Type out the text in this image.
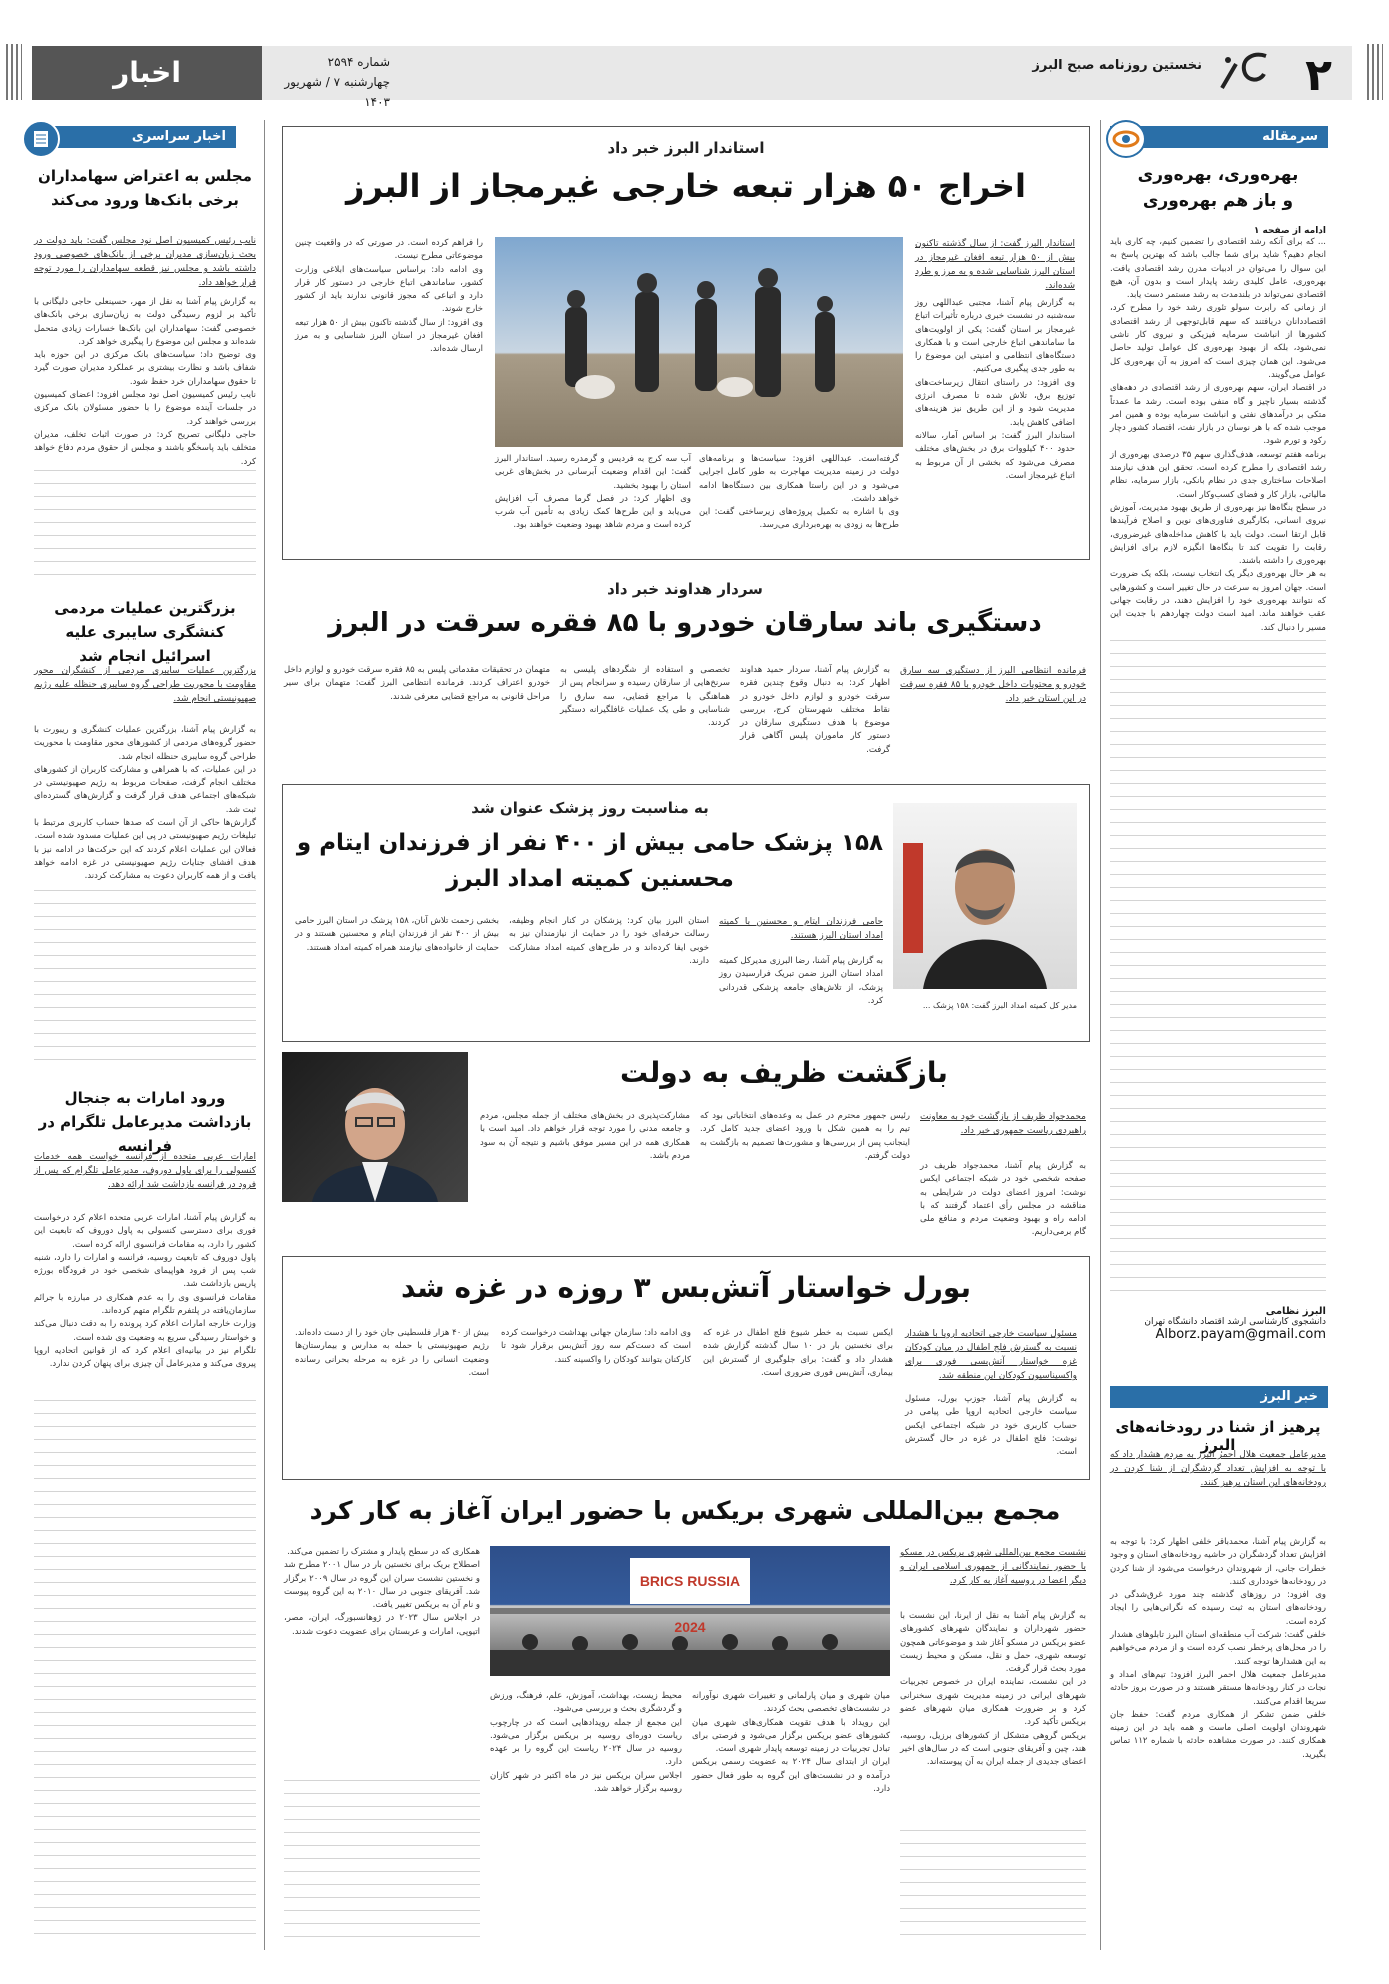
۲
نخستین روزنامه صبح البرز
شماره ۲۵۹۴
چهارشنبه ۷ / شهریور ۱۴۰۳
اخبار
سرمقاله
بهره‌وری، بهره‌وری
و باز هم بهره‌وری
ادامه از صفحه ۱
... که برای آنکه رشد اقتصادی را تضمین کنیم، چه کاری باید انجام دهیم؟ شاید برای شما جالب باشد که بهترین پاسخ به این سوال را می‌توان در ادبیات مدرن رشد اقتصادی یافت. بهره‌وری، عامل کلیدی رشد پایدار است و بدون آن، هیچ اقتصادی نمی‌تواند در بلندمدت به رشد مستمر دست یابد.
از زمانی که رابرت سولو تئوری رشد خود را مطرح کرد، اقتصاددانان دریافتند که سهم قابل‌توجهی از رشد اقتصادی کشورها از انباشت سرمایه فیزیکی و نیروی کار ناشی نمی‌شود، بلکه از بهبود بهره‌وری کل عوامل تولید حاصل می‌شود. این همان چیزی است که امروز به آن بهره‌وری کل عوامل می‌گویند.
در اقتصاد ایران، سهم بهره‌وری از رشد اقتصادی در دهه‌های گذشته بسیار ناچیز و گاه منفی بوده است. رشد ما عمدتاً متکی بر درآمدهای نفتی و انباشت سرمایه بوده و همین امر موجب شده که با هر نوسان در بازار نفت، اقتصاد کشور دچار رکود و تورم شود.
برنامه هفتم توسعه، هدف‌گذاری سهم ۳۵ درصدی بهره‌وری از رشد اقتصادی را مطرح کرده است. تحقق این هدف نیازمند اصلاحات ساختاری جدی در نظام بانکی، بازار سرمایه، نظام مالیاتی، بازار کار و فضای کسب‌وکار است.
در سطح بنگاه‌ها نیز بهره‌وری از طریق بهبود مدیریت، آموزش نیروی انسانی، بکارگیری فناوری‌های نوین و اصلاح فرآیندها قابل ارتقا است. دولت باید با کاهش مداخله‌های غیرضروری، رقابت را تقویت کند تا بنگاه‌ها انگیزه لازم برای افزایش بهره‌وری را داشته باشند.
به هر حال بهره‌وری دیگر یک انتخاب نیست، بلکه یک ضرورت است. جهان امروز به سرعت در حال تغییر است و کشورهایی که نتوانند بهره‌وری خود را افزایش دهند، در رقابت جهانی عقب خواهند ماند. امید است دولت چهاردهم با جدیت این مسیر را دنبال کند.
البرز نظامی
دانشجوی کارشناسی ارشد اقتصاد دانشگاه تهران
Alborz.payam@gmail.com
خبر البرز
پرهیز از شنا در رودخانه‌های البرز
مدیرعامل جمعیت هلال احمر البرز به مردم هشدار داد که با توجه به افزایش تعداد گردشگران از شنا کردن در رودخانه‌های این استان پرهیز کنند.
به گزارش پیام آشنا، محمدباقر خلفی اظهار کرد: با توجه به افزایش تعداد گردشگران در حاشیه رودخانه‌های استان و وجود خطرات جانی، از شهروندان درخواست می‌شود از شنا کردن در رودخانه‌ها خودداری کنند.
وی افزود: در روزهای گذشته چند مورد غرق‌شدگی در رودخانه‌های استان به ثبت رسیده که نگرانی‌هایی را ایجاد کرده است.
خلفی گفت: شرکت آب منطقه‌ای استان البرز تابلوهای هشدار را در محل‌های پرخطر نصب کرده است و از مردم می‌خواهیم به این هشدارها توجه کنند.
مدیرعامل جمعیت هلال احمر البرز افزود: تیم‌های امداد و نجات در کنار رودخانه‌ها مستقر هستند و در صورت بروز حادثه سریعا اقدام می‌کنند.
خلفی ضمن تشکر از همکاری مردم گفت: حفظ جان شهروندان اولویت اصلی ماست و همه باید در این زمینه همکاری کنند. در صورت مشاهده حادثه با شماره ۱۱۲ تماس بگیرید.
اخبار سراسری
مجلس به اعتراض سهامداران برخی بانک‌ها ورود می‌کند
نایب رئیس کمیسیون اصل نود مجلس گفت: باید دولت در بحث زیان‌سازی مدیران برخی از بانک‌های خصوصی ورود داشته باشد و مجلس نیز قطعه سهامداران را مورد توجه قرار خواهد داد.
به گزارش پیام آشنا به نقل از مهر، حسینعلی حاجی دلیگانی با تأکید بر لزوم رسیدگی دولت به زیان‌سازی برخی بانک‌های خصوصی گفت: سهامداران این بانک‌ها خسارات زیادی متحمل شده‌اند و مجلس این موضوع را پیگیری خواهد کرد.
وی توضیح داد: سیاست‌های بانک مرکزی در این حوزه باید شفاف باشد و نظارت بیشتری بر عملکرد مدیران صورت گیرد تا حقوق سهامداران خرد حفظ شود.
نایب رئیس کمیسیون اصل نود مجلس افزود: اعضای کمیسیون در جلسات آینده موضوع را با حضور مسئولان بانک مرکزی بررسی خواهند کرد.
حاجی دلیگانی تصریح کرد: در صورت اثبات تخلف، مدیران متخلف باید پاسخگو باشند و مجلس از حقوق مردم دفاع خواهد کرد.
بزرگترین عملیات مردمی کنشگری سایبری علیه اسرائیل انجام شد
بزرگترین عملیات سایبری مردمی از کنشگران محور مقاومت با محوریت طراحی گروه سایبری حنظله علیه رژیم صهیونیستی انجام شد.
به گزارش پیام آشنا، بزرگترین عملیات کنشگری و ریبورت با حضور گروه‌های مردمی از کشورهای محور مقاومت با محوریت طراحی گروه سایبری حنظله انجام شد.
در این عملیات، که با همراهی و مشارکت کاربران از کشورهای مختلف انجام گرفت، صفحات مربوط به رژیم صهیونیستی در شبکه‌های اجتماعی هدف قرار گرفت و گزارش‌های گسترده‌ای ثبت شد.
گزارش‌ها حاکی از آن است که صدها حساب کاربری مرتبط با تبلیغات رژیم صهیونیستی در پی این عملیات مسدود شده است.
فعالان این عملیات اعلام کردند که این حرکت‌ها در ادامه نیز با هدف افشای جنایات رژیم صهیونیستی در غزه ادامه خواهد یافت و از همه کاربران دعوت به مشارکت کردند.
ورود امارات به جنجال بازداشت مدیرعامل تلگرام در فرانسه
امارات عربی متحده از فرانسه خواست همه خدمات کنسولی را برای پاول دوروف، مدیرعامل تلگرام که پس از فرود در فرانسه بازداشت شد ارائه دهد.
به گزارش پیام آشنا، امارات عربی متحده اعلام کرد درخواست فوری برای دسترسی کنسولی به پاول دوروف که تابعیت این کشور را دارد، به مقامات فرانسوی ارائه کرده است.
پاول دوروف که تابعیت روسیه، فرانسه و امارات را دارد، شنبه شب پس از فرود هواپیمای شخصی خود در فرودگاه بورژه پاریس بازداشت شد.
مقامات فرانسوی وی را به عدم همکاری در مبارزه با جرائم سازمان‌یافته در پلتفرم تلگرام متهم کرده‌اند.
وزارت خارجه امارات اعلام کرد پرونده را به دقت دنبال می‌کند و خواستار رسیدگی سریع به وضعیت وی شده است.
تلگرام نیز در بیانیه‌ای اعلام کرد که از قوانین اتحادیه اروپا پیروی می‌کند و مدیرعامل آن چیزی برای پنهان کردن ندارد.
استاندار البرز خبر داد
اخراج ۵۰ هزار تبعه خارجی غیرمجاز از البرز
استاندار البرز گفت: از سال گذشته تاکنون بیش از ۵۰ هزار تبعه افغان غیرمجاز در استان البرز شناسایی شده و به مرز و طرد شده‌اند.
به گزارش پیام آشنا، مجتبی عبداللهی روز سه‌شنبه در نشست خبری درباره تأثیرات اتباع غیرمجاز بر استان گفت: یکی از اولویت‌های ما ساماندهی اتباع خارجی است و با همکاری دستگاه‌های انتظامی و امنیتی این موضوع را به طور جدی پیگیری می‌کنیم.
وی افزود: در راستای انتقال زیرساخت‌های توزیع برق، تلاش شده تا مصرف انرژی مدیریت شود و از این طریق نیز هزینه‌های اضافی کاهش یابد.
استاندار البرز گفت: بر اساس آمار، سالانه حدود ۴۰۰ کیلووات برق در بخش‌های مختلف مصرف می‌شود که بخشی از آن مربوط به اتباع غیرمجاز است.
گرفته‌است. عبداللهی افزود: سیاست‌ها و برنامه‌های دولت در زمینه مدیریت مهاجرت به طور کامل اجرایی می‌شود و در این راستا همکاری بین دستگاه‌ها ادامه خواهد داشت.
وی با اشاره به تکمیل پروژه‌های زیرساختی گفت: این طرح‌ها به زودی به بهره‌برداری می‌رسد.
آب سه کرج به فردیس و گرمدره رسید. استاندار البرز گفت: این اقدام وضعیت آبرسانی در بخش‌های غربی استان را بهبود بخشید.
وی اظهار کرد: در فصل گرما مصرف آب افزایش می‌یابد و این طرح‌ها کمک زیادی به تأمین آب شرب کرده است و مردم شاهد بهبود وضعیت خواهند بود.
را فراهم کرده است. در صورتی که در واقعیت چنین موضوعاتی مطرح نیست.
وی ادامه داد: براساس سیاست‌های ابلاغی وزارت کشور، ساماندهی اتباع خارجی در دستور کار قرار دارد و اتباعی که مجوز قانونی ندارند باید از کشور خارج شوند.
وی افزود: از سال گذشته تاکنون بیش از ۵۰ هزار تبعه افغان غیرمجاز در استان البرز شناسایی و به مرز ارسال شده‌اند.
سردار هداوند خبر داد
دستگیری باند سارقان خودرو با ۸۵ فقره سرقت در البرز
فرمانده انتظامی البرز از دستگیری سه سارق خودرو و محتویات داخل خودرو با ۸۵ فقره سرقت در این استان خبر داد.
به گزارش پیام آشنا، سردار حمید هداوند اظهار کرد: به دنبال وقوع چندین فقره سرقت خودرو و لوازم داخل خودرو در نقاط مختلف شهرستان کرج، بررسی موضوع با هدف دستگیری سارقان در دستور کار ماموران پلیس آگاهی قرار گرفت.
تخصصی و استفاده از شگردهای پلیسی به سرنخ‌هایی از سارقان رسیده و سرانجام پس از هماهنگی با مراجع قضایی، سه سارق را شناسایی و طی یک عملیات غافلگیرانه دستگیر کردند.
متهمان در تحقیقات مقدماتی پلیس به ۸۵ فقره سرقت خودرو و لوازم داخل خودرو اعتراف کردند. فرمانده انتظامی البرز گفت: متهمان برای سیر مراحل قانونی به مراجع قضایی معرفی شدند.
مدیر کل کمیته امداد البرز گفت: ۱۵۸ پزشک ...
به مناسبت روز پزشک عنوان شد
۱۵۸ پزشک حامی بیش از ۴۰۰ نفر از فرزندان ایتام و
محسنین کمیته امداد البرز
حامی فرزندان ایتام و محسنین با کمیته امداد استان البرز هستند.
به گزارش پیام آشنا، رضا البرزی مدیرکل کمیته امداد استان البرز ضمن تبریک فرارسیدن روز پزشک، از تلاش‌های جامعه پزشکی قدردانی کرد.
استان البرز بیان کرد: پزشکان در کنار انجام وظیفه، رسالت حرفه‌ای خود را در حمایت از نیازمندان نیز به خوبی ایفا کرده‌اند و در طرح‌های کمیته امداد مشارکت دارند.
بخشی زحمت تلاش آنان، ۱۵۸ پزشک در استان البرز حامی بیش از ۴۰۰ نفر از فرزندان ایتام و محسنین هستند و در حمایت از خانواده‌های نیازمند همراه کمیته امداد هستند.
بازگشت ظریف به دولت
محمدجواد ظریف از بازگشت خود به معاونت راهبردی ریاست جمهوری خبر داد.
به گزارش پیام آشنا، محمدجواد ظریف در صفحه شخصی خود در شبکه اجتماعی ایکس نوشت: امروز اعضای دولت در شرایطی به مناقشه در مجلس رأی اعتماد گرفتند که با ادامه راه و بهبود وضعیت مردم و منافع ملی گام برمی‌داریم.
رئیس جمهور محترم در عمل به وعده‌های انتخاباتی بود که تیم را به همین شکل با ورود اعضای جدید کامل کرد. اینجانب پس از بررسی‌ها و مشورت‌ها تصمیم به بازگشت به دولت گرفتم.
مشارکت‌پذیری در بخش‌های مختلف از جمله مجلس، مردم و جامعه مدنی را مورد توجه قرار خواهم داد. امید است با همکاری همه در این مسیر موفق باشیم و نتیجه آن به سود مردم باشد.
بورل خواستار آتش‌بس ۳ روزه در غزه شد
مسئول سیاست خارجی اتحادیه اروپا با هشدار نسبت به گسترش فلج اطفال در میان کودکان غزه خواستار آتش‌بسی فوری برای واکسیناسیون کودکان این منطقه شد.
به گزارش پیام آشنا، جوزپ بورل، مسئول سیاست خارجی اتحادیه اروپا طی پیامی در حساب کاربری خود در شبکه اجتماعی ایکس نوشت: فلج اطفال در غزه در حال گسترش است.
ایکس نسبت به خطر شیوع فلج اطفال در غزه که برای نخستین بار در ۱۰ سال گذشته گزارش شده هشدار داد و گفت: برای جلوگیری از گسترش این بیماری، آتش‌بس فوری ضروری است.
وی ادامه داد: سازمان جهانی بهداشت درخواست کرده است که دست‌کم سه روز آتش‌بس برقرار شود تا کارکنان بتوانند کودکان را واکسینه کنند.
بیش از ۴۰ هزار فلسطینی جان خود را از دست داده‌اند. رژیم صهیونیستی با حمله به مدارس و بیمارستان‌ها وضعیت انسانی را در غزه به مرحله بحرانی رسانده است.
مجمع بین‌المللی شهری بریکس با حضور ایران آغاز به کار کرد
نشست مجمع بین‌المللی شهری بریکس در مسکو با حضور نمایندگانی از جمهوری اسلامی ایران و دیگر اعضا در روسیه آغاز به کار کرد.
BRICS RUSSIA 2024
به گزارش پیام آشنا به نقل از ایرنا، این نشست با حضور شهرداران و نمایندگان شهرهای کشورهای عضو بریکس در مسکو آغاز شد و موضوعاتی همچون توسعه شهری، حمل و نقل، مسکن و محیط زیست مورد بحث قرار گرفت.
در این نشست، نماینده ایران در خصوص تجربیات شهرهای ایرانی در زمینه مدیریت شهری سخنرانی کرد و بر ضرورت همکاری میان شهرهای عضو بریکس تأکید کرد.
بریکس گروهی متشکل از کشورهای برزیل، روسیه، هند، چین و آفریقای جنوبی است که در سال‌های اخیر اعضای جدیدی از جمله ایران به آن پیوسته‌اند.
میان شهری و میان پارلمانی و تغییرات شهری نوآورانه در نشست‌های تخصصی بحث کردند.
این رویداد با هدف تقویت همکاری‌های شهری میان کشورهای عضو بریکس برگزار می‌شود و فرصتی برای تبادل تجربیات در زمینه توسعه پایدار شهری است.
ایران از ابتدای سال ۲۰۲۴ به عضویت رسمی بریکس درآمده و در نشست‌های این گروه به طور فعال حضور دارد.
محیط زیست، بهداشت، آموزش، علم، فرهنگ، ورزش و گردشگری بحث و بررسی می‌شود.
این مجمع از جمله رویدادهایی است که در چارچوب ریاست دوره‌ای روسیه بر بریکس برگزار می‌شود. روسیه در سال ۲۰۲۴ ریاست این گروه را بر عهده دارد.
اجلاس سران بریکس نیز در ماه اکتبر در شهر کازان روسیه برگزار خواهد شد.
همکاری که در سطح پایدار و مشترک را تضمین می‌کند.
اصطلاح بریک برای نخستین بار در سال ۲۰۰۱ مطرح شد و نخستین نشست سران این گروه در سال ۲۰۰۹ برگزار شد. آفریقای جنوبی در سال ۲۰۱۰ به این گروه پیوست و نام آن به بریکس تغییر یافت.
در اجلاس سال ۲۰۲۳ در ژوهانسبورگ، ایران، مصر، اتیوپی، امارات و عربستان برای عضویت دعوت شدند.
